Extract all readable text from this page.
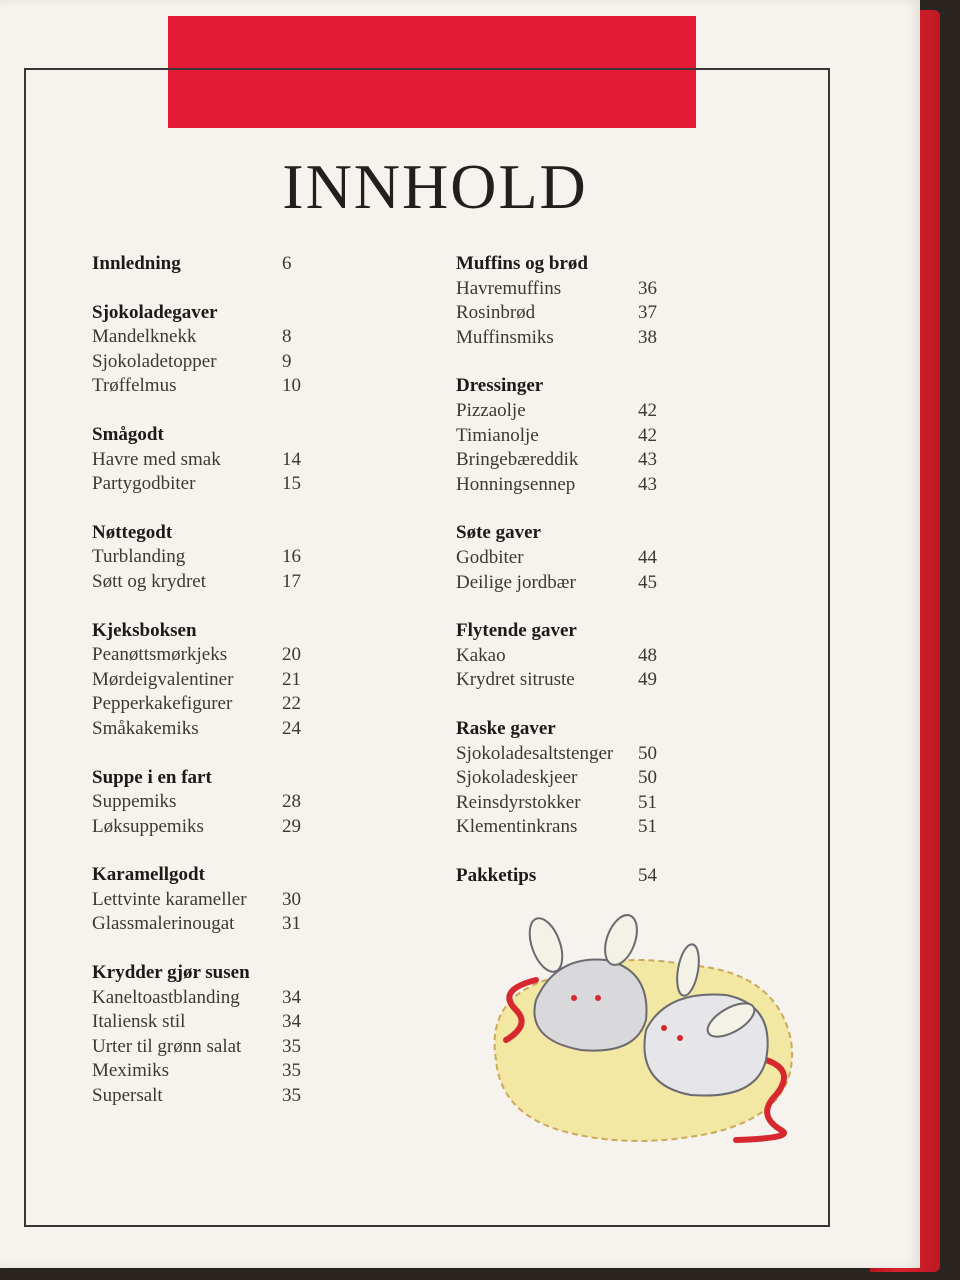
INNHOLD
Innledning	6
Sjokoladegaver
Mandelknekk	8
Sjokoladetopper	9
Trøffelmus	10
Smågodt
Havre med smak	14
Partygodbiter	15
Nøttegodt
Turblanding	16
Søtt og krydret	17
Kjeksboksen
Peanøttsmørkjeks	20
Mørdeigvalentiner	21
Pepperkakefigurer	22
Småkakemiks	24
Suppe i en fart
Suppemiks	28
Løksuppemiks	29
Karamellgodt
Lettvinte karameller 30
Glassmalerinougat	31
Krydder gjør susen
Kaneltoastblanding 34
Italiensk stil	34
Urter til grønn salat 35
Meximiks	35
Supersalt	35
Muffins og brød
Havremuffins	36
Rosinbrød	37
Muffinsmiks	38
Dressinger
Pizzaolje	42
Timianolje	42
Bringebæreddik	43
Honningsennep	43
Søte gaver
Godbiter	44
Deilige jordbær	45
Flytende gaver
Kakao	48
Krydret sitruste	49
Raske gaver
Sjokoladesaltstenger 50
Sjokoladeskjeer	50
Reinsdyrstokker	51
Klementinkrans	51
Pakketips	54
